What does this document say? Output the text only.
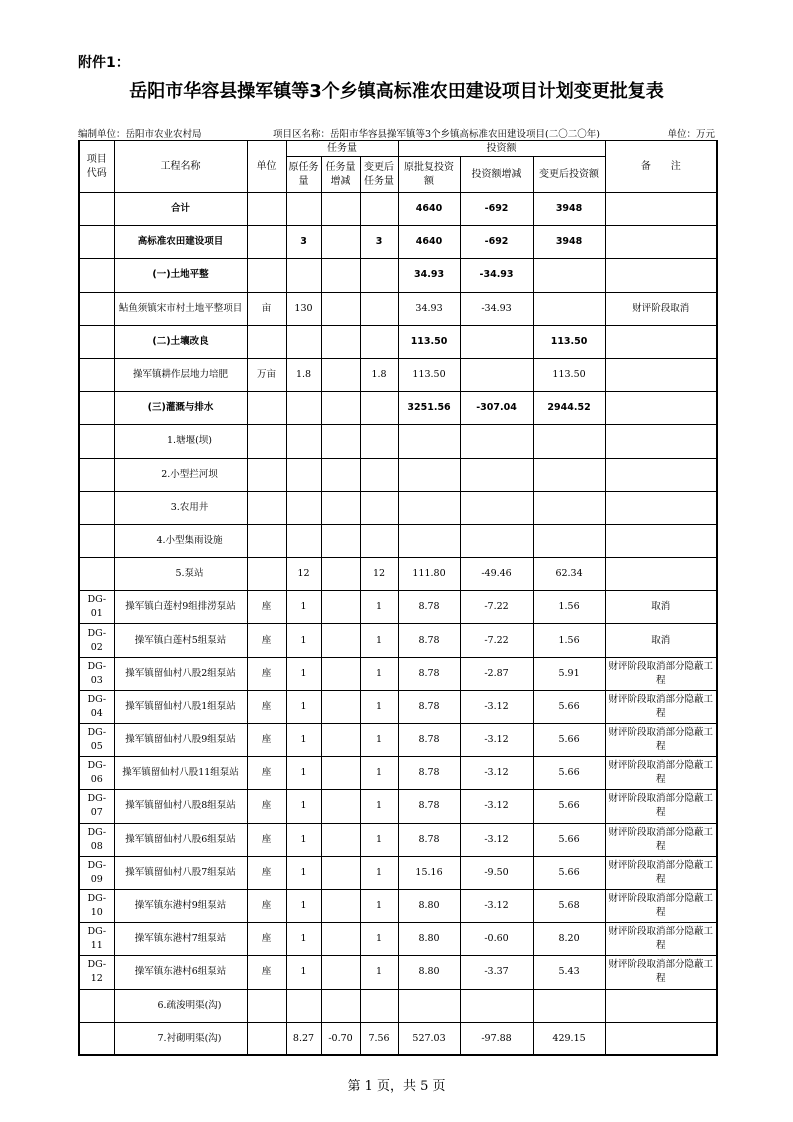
附件1：
岳阳市华容县操军镇等3个乡镇高标准农田建设项目计划变更批复表
编制单位：岳阳市农业农村局	项目区名称：岳阳市华容县操军镇等3个乡镇高标准农田建设项目(二〇二〇年)	单位：万元
项目代码	工程名称	单位	任务量			投资额			备　　注
			原任务量	任务量增减	变更后任务量	原批复投资额	投资额增减	变更后投资额	
	合计					4640	-692	3948	
	高标准农田建设项目		3		3	4640	-692	3948	
	(一)土地平整					34.93	-34.93		
	鲇鱼须镇宋市村土地平整项目	亩	130			34.93	-34.93		财评阶段取消
	(二)土壤改良					113.50		113.50	
	操军镇耕作层地力培肥	万亩	1.8		1.8	113.50		113.50	
	(三)灌溉与排水					3251.56	-307.04	2944.52	
	1.塘堰(坝)								
	2.小型拦河坝								
	3.农用井								
	4.小型集雨设施								
	5.泵站		12		12	111.80	-49.46	62.34	
DG-01	操军镇白莲村9组排涝泵站	座	1		1	8.78	-7.22	1.56	取消
DG-02	操军镇白莲村5组泵站	座	1		1	8.78	-7.22	1.56	取消
DG-03	操军镇留仙村八股2组泵站	座	1		1	8.78	-2.87	5.91	财评阶段取消部分隐蔽工程
DG-04	操军镇留仙村八股1组泵站	座	1		1	8.78	-3.12	5.66	财评阶段取消部分隐蔽工程
DG-05	操军镇留仙村八股9组泵站	座	1		1	8.78	-3.12	5.66	财评阶段取消部分隐蔽工程
DG-06	操军镇留仙村八股11组泵站	座	1		1	8.78	-3.12	5.66	财评阶段取消部分隐蔽工程
DG-07	操军镇留仙村八股8组泵站	座	1		1	8.78	-3.12	5.66	财评阶段取消部分隐蔽工程
DG-08	操军镇留仙村八股6组泵站	座	1		1	8.78	-3.12	5.66	财评阶段取消部分隐蔽工程
DG-09	操军镇留仙村八股7组泵站	座	1		1	15.16	-9.50	5.66	财评阶段取消部分隐蔽工程
DG-10	操军镇东港村9组泵站	座	1		1	8.80	-3.12	5.68	财评阶段取消部分隐蔽工程
DG-11	操军镇东港村7组泵站	座	1		1	8.80	-0.60	8.20	财评阶段取消部分隐蔽工程
DG-12	操军镇东港村6组泵站	座	1		1	8.80	-3.37	5.43	财评阶段取消部分隐蔽工程
	6.疏浚明渠(沟)								
	7.衬砌明渠(沟)		8.27	-0.70	7.56	527.03	-97.88	429.15	
第 1 页，共 5 页
